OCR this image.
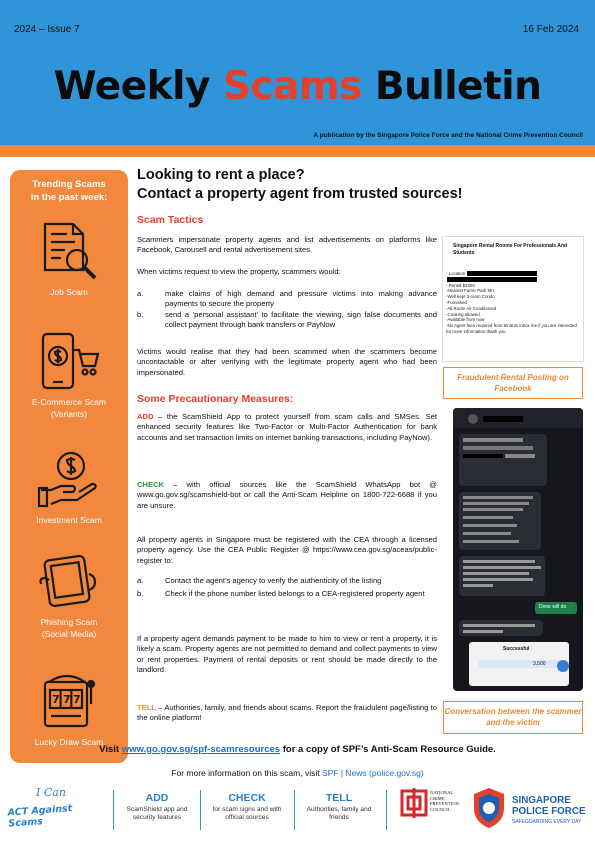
2024 – Issue 7	16 Feb 2024
Weekly Scams Bulletin
A publication by the Singapore Police Force and the National Crime Prevention Council
Trending Scams
in the past week:
Job Scam
E-Commerce Scam
(Variants)
Investment Scam
Phishing Scam
(Social Media)
7 7 7
Lucky Draw Scam
Looking to rent a place?
Contact a property agent from trusted sources!
Scam Tactics
Scammers impersonate property agents and list advertisements on platforms like Facebook, Carousell and rental advertisement sites.
When victims request to view the property, scammers would:
a.	make claims of high demand and pressure victims into making advance payments to secure the property
b.	send a ‘personal assistant’ to facilitate the viewing, sign false documents and collect payment through bank transfers or PayNow
Victims would realise that they had been scammed when the scammers become uncontactable or after verifying with the legitimate property agent who had been impersonated.
Some Precautionary Measures:
ADD – the ScamShield App to protect yourself from scam calls and SMSes. Set enhanced security features like Two-Factor or Multi-Factor Authentication for bank accounts and set transaction limits on internet banking transactions, including PayNow).
CHECK – with official sources like the ScamShield WhatsApp bot @ www.go.gov.sg/scamshield-bot or call the Anti-Scam Helpline on 1800-722-6688 if you are unsure.
All property agents in Singapore must be registered with the CEA through a licensed property agency. Use the CEA Public Register @ https://www.cea.gov.sg/aceas/public-register to:
a.	Contact the agent’s agency to verify the authenticity of the listing
b.	Check if the phone number listed belongs to a CEA-registered property agent
If a property agent demands payment to be made to him to view or rent a property, it is likely a scam. Property agents are not permitted to demand and collect payments to view or rent properties. Payment of rental deposits or rent should be made directly to the landlord.
TELL – Authorities, family, and friends about scams. Report the fraudulent page/listing to the online platform!
Singapore Rental Rooms For Professionals And Students
- Location

- Rental $3300
-Nearest Farrer Park Mrt
-Well kept 3-room Condo
-Furnished
-All Room Air Conditioned
-Cooking allowed
-Available from now
-No Agent fees required from tenants inbox me if you are interested for more information thank you
Fraudulent Rental Posting on Facebook
Done will do
Successful
3,500
Conversation between the scammer and the victim
Visit www.go.gov.sg/spf-scamresources for a copy of SPF’s Anti-Scam Resource Guide.
For more information on this scam, visit SPF | News (police.gov.sg)
I Can
ACT Against Scams
ADD
ScamShield app and
security features
CHECK
for scam signs and with
official sources
TELL
Authorities, family and
friends
NATIONAL
CRIME PREVENTION
COUNCIL
SINGAPORE
POLICE FORCE
SAFEGUARDING EVERY DAY
